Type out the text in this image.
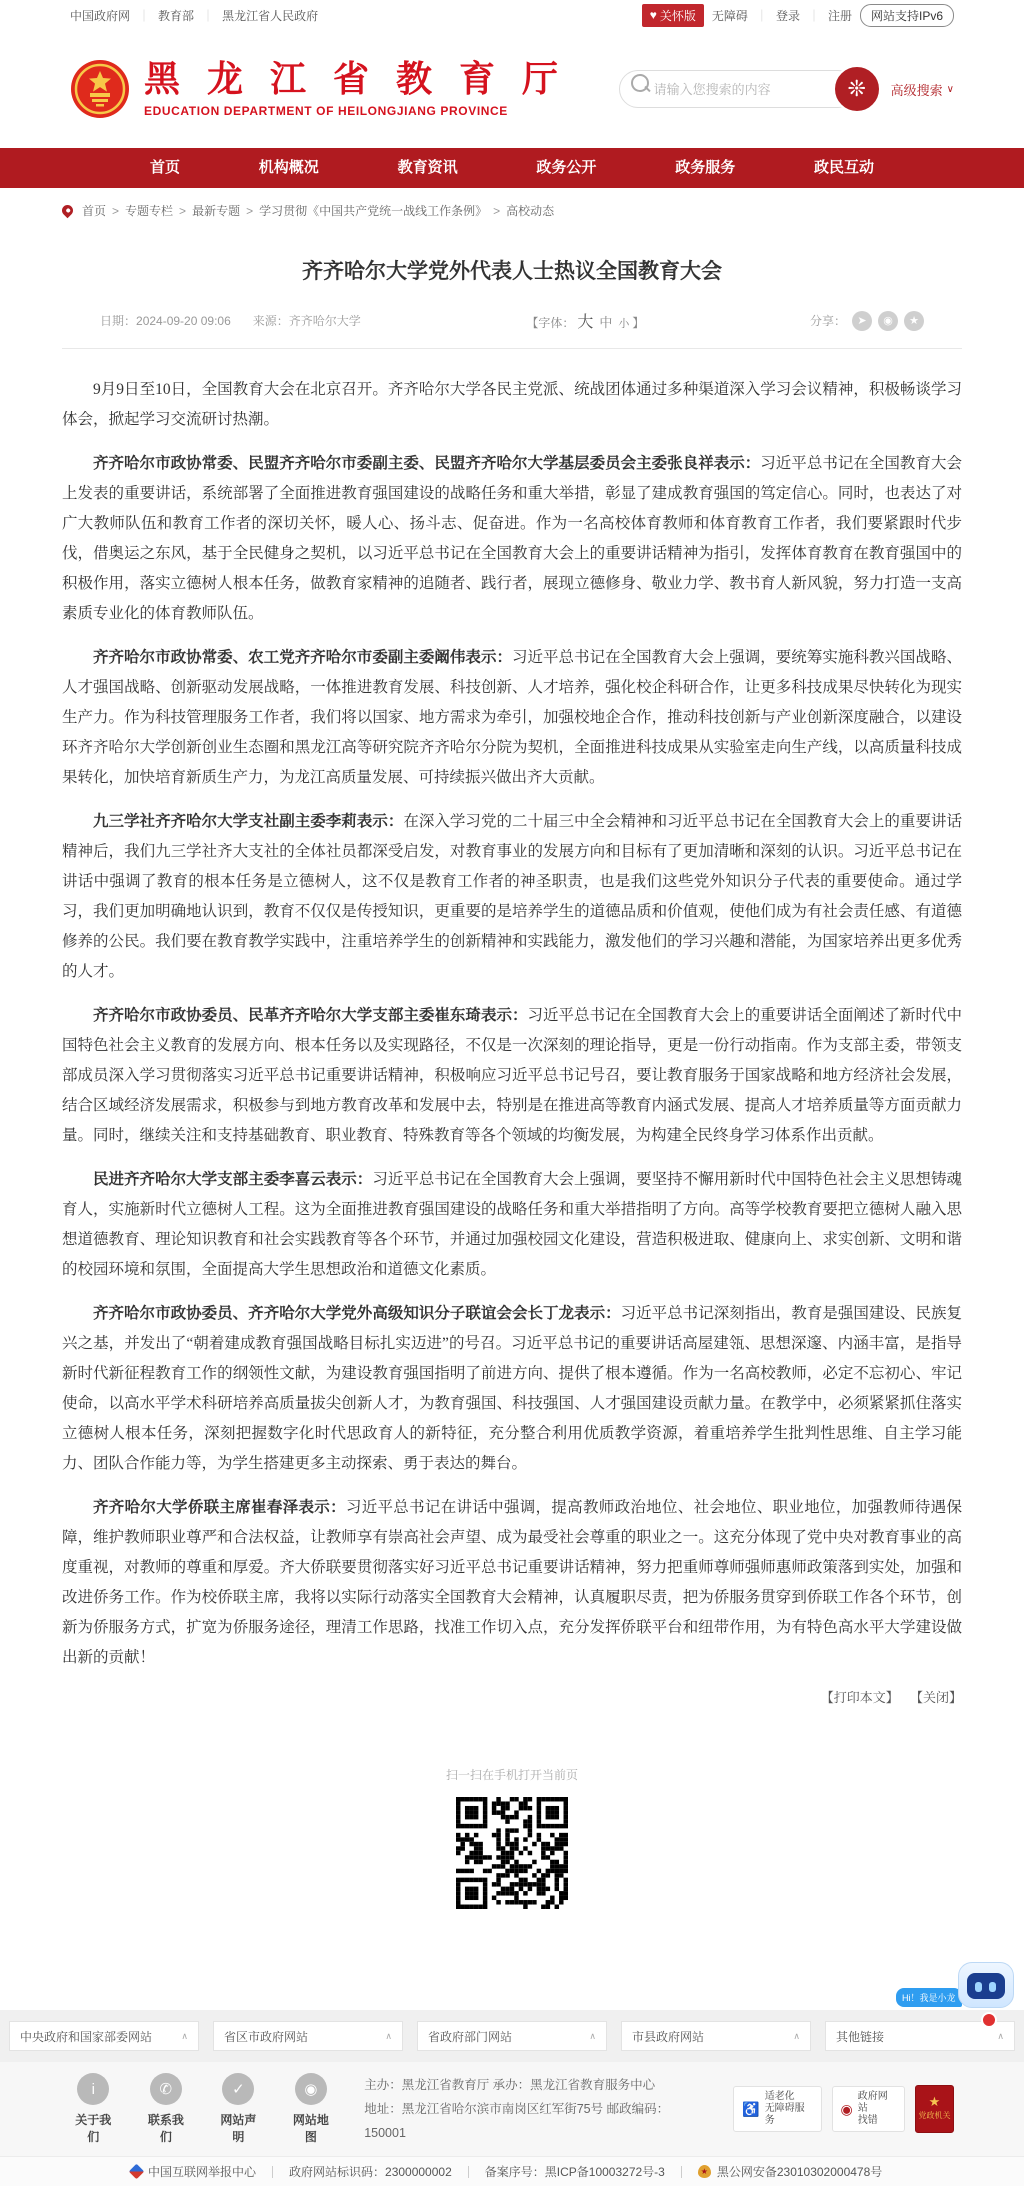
中国政府网 ｜ 教育部 ｜ 黑龙江省人民政府	♥ 关怀版 无障碍 ｜ 登录 ｜ 注册	网站支持IPv6
黑 龙 江 省 教 育 厅
EDUCATION DEPARTMENT OF HEILONGJIANG PROVINCE
请输入您搜索的内容
❊ 高级搜索 ∨
首页	机构概况	教育资讯	政务公开	政务服务	政民互动
首页 > 专题专栏 > 最新专题 > 学习贯彻《中国共产党统一战线工作条例》 > 高校动态
齐齐哈尔大学党外代表人士热议全国教育大会
日期：2024-09-20 09:06 来源：齐齐哈尔大学	【字体： 大 中 小 】	分享：	➤	◉	★

9月9日至10日，全国教育大会在北京召开。齐齐哈尔大学各民主党派、统战团体通过多种渠道深入学习会议精神，积极畅谈学习体会，掀起学习交流研讨热潮。

齐齐哈尔市政协常委、民盟齐齐哈尔市委副主委、民盟齐齐哈尔大学基层委员会主委张良祥表示：习近平总书记在全国教育大会上发表的重要讲话，系统部署了全面推进教育强国建设的战略任务和重大举措，彰显了建成教育强国的笃定信心。同时，也表达了对广大教师队伍和教育工作者的深切关怀，暖人心、扬斗志、促奋进。作为一名高校体育教师和体育教育工作者，我们要紧跟时代步伐，借奥运之东风，基于全民健身之契机，以习近平总书记在全国教育大会上的重要讲话精神为指引，发挥体育教育在教育强国中的积极作用，落实立德树人根本任务，做教育家精神的追随者、践行者，展现立德修身、敬业力学、教书育人新风貌，努力打造一支高素质专业化的体育教师队伍。

齐齐哈尔市政协常委、农工党齐齐哈尔市委副主委阚伟表示：习近平总书记在全国教育大会上强调，要统筹实施科教兴国战略、人才强国战略、创新驱动发展战略，一体推进教育发展、科技创新、人才培养，强化校企科研合作，让更多科技成果尽快转化为现实生产力。作为科技管理服务工作者，我们将以国家、地方需求为牵引，加强校地企合作，推动科技创新与产业创新深度融合，以建设环齐齐哈尔大学创新创业生态圈和黑龙江高等研究院齐齐哈尔分院为契机，全面推进科技成果从实验室走向生产线，以高质量科技成果转化，加快培育新质生产力，为龙江高质量发展、可持续振兴做出齐大贡献。

九三学社齐齐哈尔大学支社副主委李莉表示：在深入学习党的二十届三中全会精神和习近平总书记在全国教育大会上的重要讲话精神后，我们九三学社齐大支社的全体社员都深受启发，对教育事业的发展方向和目标有了更加清晰和深刻的认识。习近平总书记在讲话中强调了教育的根本任务是立德树人，这不仅是教育工作者的神圣职责，也是我们这些党外知识分子代表的重要使命。通过学习，我们更加明确地认识到，教育不仅仅是传授知识，更重要的是培养学生的道德品质和价值观，使他们成为有社会责任感、有道德修养的公民。我们要在教育教学实践中，注重培养学生的创新精神和实践能力，激发他们的学习兴趣和潜能，为国家培养出更多优秀的人才。

齐齐哈尔市政协委员、民革齐齐哈尔大学支部主委崔东琦表示：习近平总书记在全国教育大会上的重要讲话全面阐述了新时代中国特色社会主义教育的发展方向、根本任务以及实现路径，不仅是一次深刻的理论指导，更是一份行动指南。作为支部主委，带领支部成员深入学习贯彻落实习近平总书记重要讲话精神，积极响应习近平总书记号召，要让教育服务于国家战略和地方经济社会发展，结合区域经济发展需求，积极参与到地方教育改革和发展中去，特别是在推进高等教育内涵式发展、提高人才培养质量等方面贡献力量。同时，继续关注和支持基础教育、职业教育、特殊教育等各个领域的均衡发展，为构建全民终身学习体系作出贡献。

民进齐齐哈尔大学支部主委李喜云表示：习近平总书记在全国教育大会上强调，要坚持不懈用新时代中国特色社会主义思想铸魂育人，实施新时代立德树人工程。这为全面推进教育强国建设的战略任务和重大举措指明了方向。高等学校教育要把立德树人融入思想道德教育、理论知识教育和社会实践教育等各个环节，并通过加强校园文化建设，营造积极进取、健康向上、求实创新、文明和谐的校园环境和氛围，全面提高大学生思想政治和道德文化素质。

齐齐哈尔市政协委员、齐齐哈尔大学党外高级知识分子联谊会会长丁龙表示：习近平总书记深刻指出，教育是强国建设、民族复兴之基，并发出了“朝着建成教育强国战略目标扎实迈进”的号召。习近平总书记的重要讲话高屋建瓴、思想深邃、内涵丰富，是指导新时代新征程教育工作的纲领性文献，为建设教育强国指明了前进方向、提供了根本遵循。作为一名高校教师，必定不忘初心、牢记使命，以高水平学术科研培养高质量拔尖创新人才，为教育强国、科技强国、人才强国建设贡献力量。在教学中，必须紧紧抓住落实立德树人根本任务，深刻把握数字化时代思政育人的新特征，充分整合利用优质教学资源，着重培养学生批判性思维、自主学习能力、团队合作能力等，为学生搭建更多主动探索、勇于表达的舞台。

齐齐哈尔大学侨联主席崔春泽表示：习近平总书记在讲话中强调，提高教师政治地位、社会地位、职业地位，加强教师待遇保障，维护教师职业尊严和合法权益，让教师享有崇高社会声望、成为最受社会尊重的职业之一。这充分体现了党中央对教育事业的高度重视，对教师的尊重和厚爱。齐大侨联要贯彻落实好习近平总书记重要讲话精神，努力把重师尊师强师惠师政策落到实处，加强和改进侨务工作。作为校侨联主席，我将以实际行动落实全国教育大会精神，认真履职尽责，把为侨服务贯穿到侨联工作各个环节，创新为侨服务方式，扩宽为侨服务途径，理清工作思路，找准工作切入点，充分发挥侨联平台和纽带作用，为有特色高水平大学建设做出新的贡献！

【打印本文】 【关闭】
扫一扫在手机打开当前页
中央政府和国家部委网站	∧	省区市政府网站	∧	省政府部门网站	∧	市县政府网站	∧	其他链接	∧
i
关于我们
✆
联系我们
✓
网站声明
◉
网站地图
主办：黑龙江省教育厅 承办：黑龙江省教育服务中心
地址：黑龙江省哈尔滨市南岗区红军街75号 邮政编码：150001
♿
适老化
无障碍服务
◉
政府网站
找错
★
党政机关
中国互联网举报中心	政府网站标识码：2300000002	备案序号：黑ICP备10003272号-3	★ 黑公网安备23010302000478号
Hi！我是小龙
